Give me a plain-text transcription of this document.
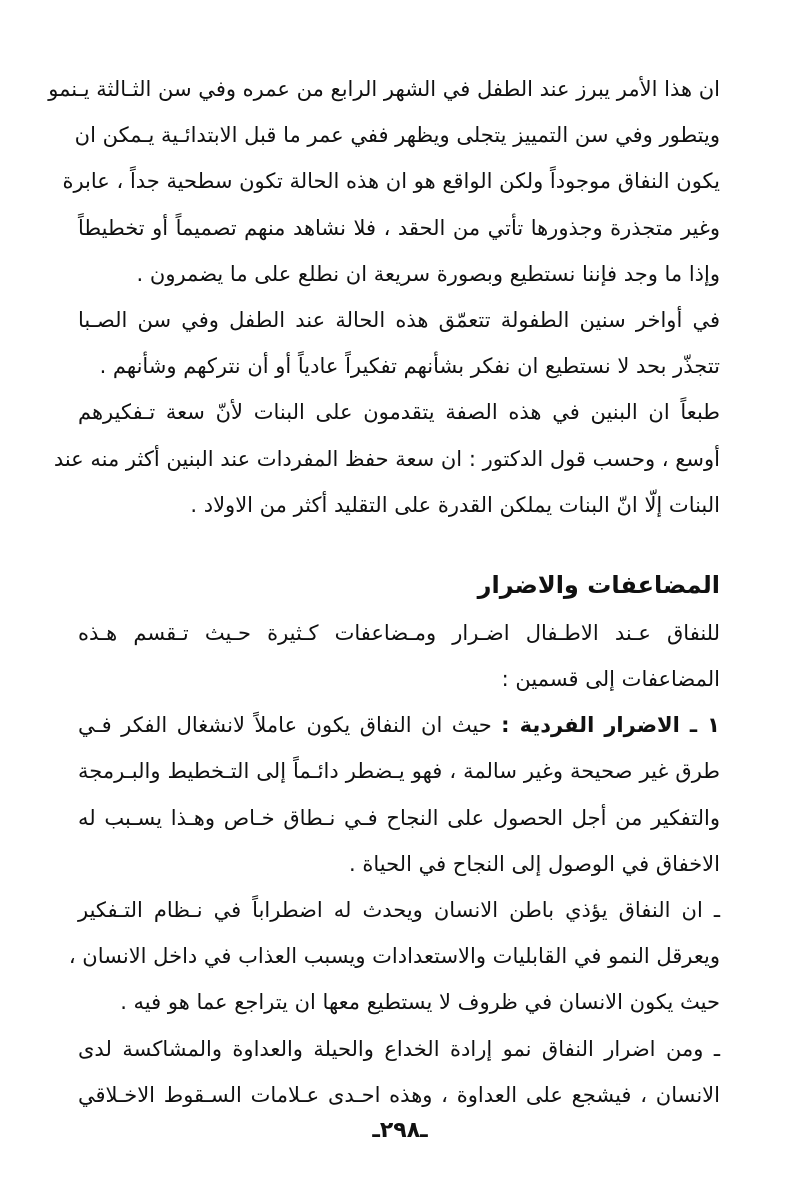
ان هذا الأمر يبرز عند الطفل في الشهر الرابع من عمره وفي سن الثـالثة يـنمو
ويتطور وفي سن التمييز يتجلى ويظهر ففي عمر ما قبل الابتدائـية يـمكن ان
يكون النفاق موجوداً ولكن الواقع هو ان هذه الحالة تكون سطحية جداً ، عابرة
وغير متجذرة وجذورها تأتي من الحقد ، فلا نشاهد منهم تصميماً أو تخطيطاً
وإذا ما وجد فإننا نستطيع وبصورة سريعة ان نطلع على ما يضمرون .
في أواخر سنين الطفولة تتعمّق هذه الحالة عند الطفل وفي سن الصـبا
تتجذّر بحد لا نستطيع ان نفكر بشأنهم تفكيراً عادياً أو أن نتركهم وشأنهم .
طبعاً ان البنين في هذه الصفة يتقدمون على البنات لأنّ سعة تـفكيرهم
أوسع ، وحسب قول الدكتور : ان سعة حفظ المفردات عند البنين أكثر منه عند
البنات إلّا انّ البنات يملكن القدرة على التقليد أكثر من الاولاد .
المضاعفات والاضرار
للنفاق عـند الاطـفال اضـرار ومـضاعفات كـثيرة حـيث تـقسم هـذه
المضاعفات إلى قسمين :
١ ـ الاضرار الفردية : حيث ان النفاق يكون عاملاً لانشغال الفكر فـي
طرق غير صحيحة وغير سالمة ، فهو يـضطر دائـماً إلى التـخطيط والبـرمجة
والتفكير من أجل الحصول على النجاح فـي نـطاق خـاص وهـذا يسـبب له
الاخفاق في الوصول إلى النجاح في الحياة .
ـ ان النفاق يؤذي باطن الانسان ويحدث له اضطراباً في نـظام التـفكير
ويعرقل النمو في القابليات والاستعدادات ويسبب العذاب في داخل الانسان ،
حيث يكون الانسان في ظروف لا يستطيع معها ان يتراجع عما هو فيه .
ـ ومن اضرار النفاق نمو إرادة الخداع والحيلة والعداوة والمشاكسة لدى
الانسان ، فيشجع على العداوة ، وهذه احـدى عـلامات السـقوط الاخـلاقي
ـ٢٩٨ـ
